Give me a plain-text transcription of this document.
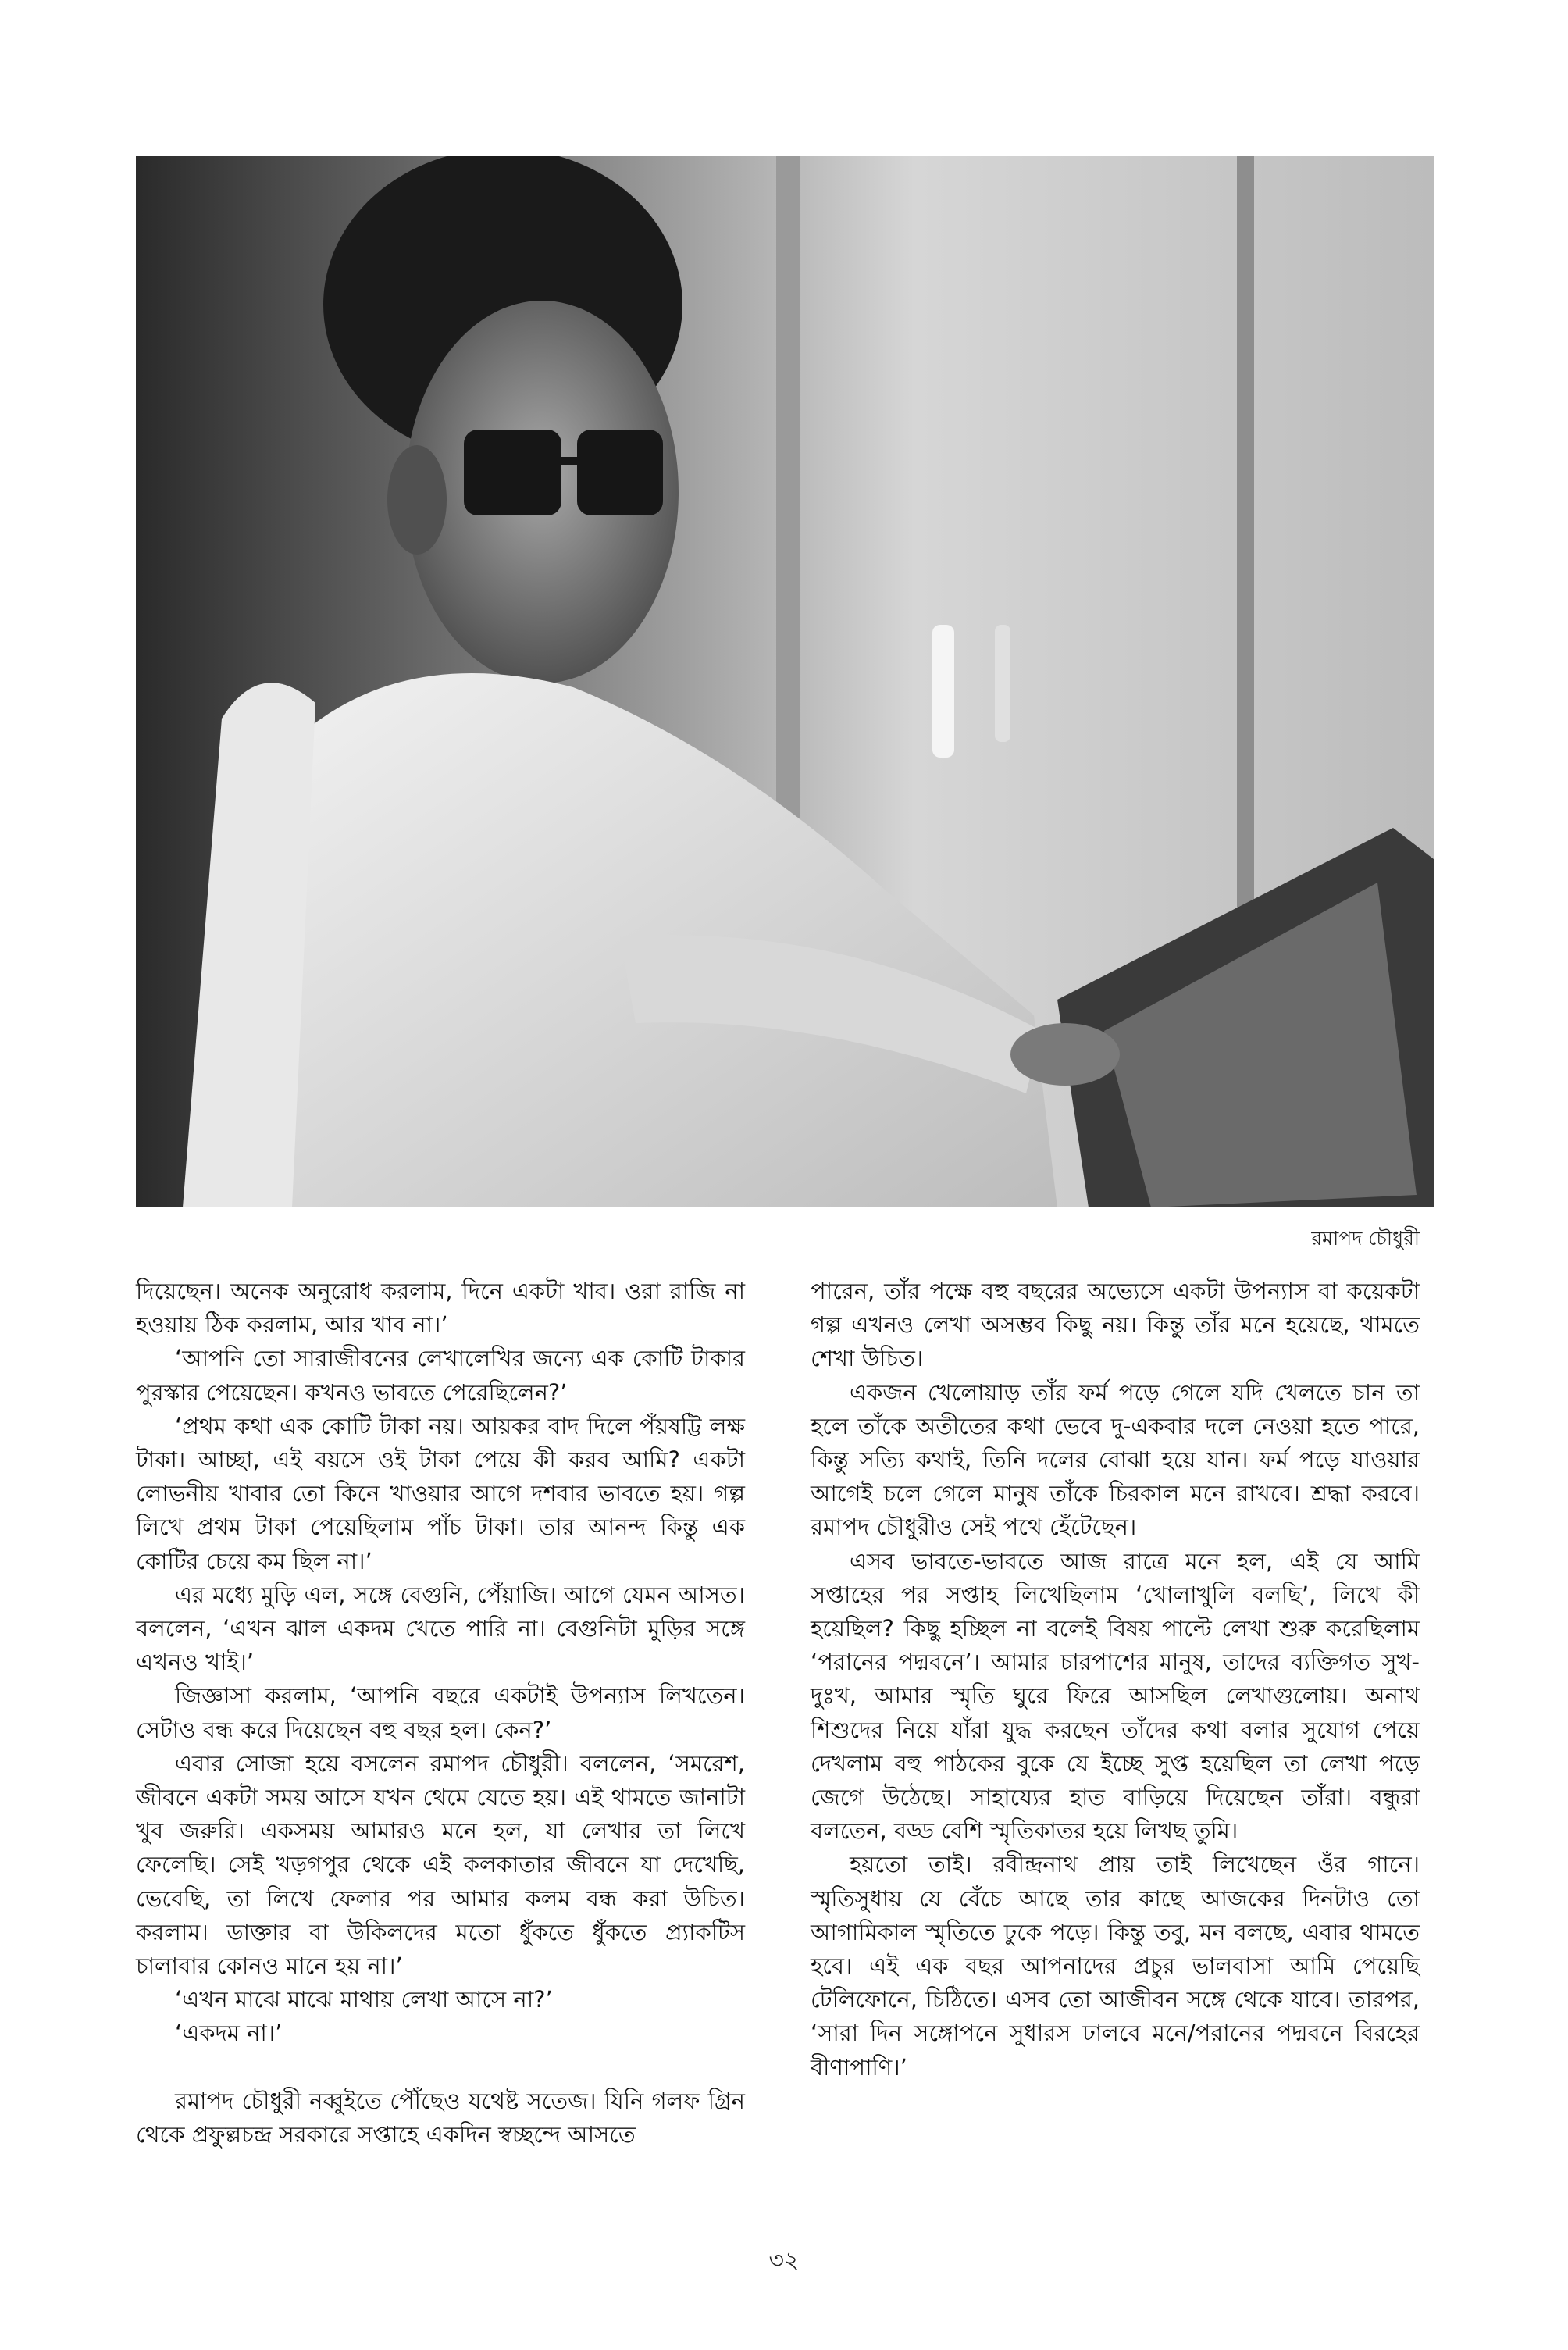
রমাপদ চৌধুরী

দিয়েছেন। অনেক অনুরোধ করলাম, দিনে একটা খাব। ওরা রাজি না হওয়ায় ঠিক করলাম, আর খাব না।’

‘আপনি তো সারাজীবনের লেখালেখির জন্যে এক কোটি টাকার পুরস্কার পেয়েছেন। কখনও ভাবতে পেরেছিলেন?’

‘প্রথম কথা এক কোটি টাকা নয়। আয়কর বাদ দিলে পঁয়ষট্টি লক্ষ টাকা। আচ্ছা, এই বয়সে ওই টাকা পেয়ে কী করব আমি? একটা লোভনীয় খাবার তো কিনে খাওয়ার আগে দশবার ভাবতে হয়। গল্প লিখে প্রথম টাকা পেয়েছিলাম পাঁচ টাকা। তার আনন্দ কিন্তু এক কোটির চেয়ে কম ছিল না।’

এর মধ্যে মুড়ি এল, সঙ্গে বেগুনি, পেঁয়াজি। আগে যেমন আসত। বললেন, ‘এখন ঝাল একদম খেতে পারি না। বেগুনিটা মুড়ির সঙ্গে এখনও খাই।’

জিজ্ঞাসা করলাম, ‘আপনি বছরে একটাই উপন্যাস লিখতেন। সেটাও বন্ধ করে দিয়েছেন বহু বছর হল। কেন?’

এবার সোজা হয়ে বসলেন রমাপদ চৌধুরী। বললেন, ‘সমরেশ, জীবনে একটা সময় আসে যখন থেমে যেতে হয়। এই থামতে জানাটা খুব জরুরি। একসময় আমারও মনে হল, যা লেখার তা লিখে ফেলেছি। সেই খড়গপুর থেকে এই কলকাতার জীবনে যা দেখেছি, ভেবেছি, তা লিখে ফেলার পর আমার কলম বন্ধ করা উচিত। করলাম। ডাক্তার বা উকিলদের মতো ধুঁকতে ধুঁকতে প্র্যাকটিস চালাবার কোনও মানে হয় না।’

‘এখন মাঝে মাঝে মাথায় লেখা আসে না?’

‘একদম না।’

রমাপদ চৌধুরী নব্বুইতে পৌঁছেও যথেষ্ট সতেজ। যিনি গলফ গ্রিন থেকে প্রফুল্লচন্দ্র সরকারে সপ্তাহে একদিন স্বচ্ছন্দে আসতে

পারেন, তাঁর পক্ষে বহু বছরের অভ্যেসে একটা উপন্যাস বা কয়েকটা গল্প এখনও লেখা অসম্ভব কিছু নয়। কিন্তু তাঁর মনে হয়েছে, থামতে শেখা উচিত।

একজন খেলোয়াড় তাঁর ফর্ম পড়ে গেলে যদি খেলতে চান তা হলে তাঁকে অতীতের কথা ভেবে দু-একবার দলে নেওয়া হতে পারে, কিন্তু সত্যি কথাই, তিনি দলের বোঝা হয়ে যান। ফর্ম পড়ে যাওয়ার আগেই চলে গেলে মানুষ তাঁকে চিরকাল মনে রাখবে। শ্রদ্ধা করবে। রমাপদ চৌধুরীও সেই পথে হেঁটেছেন।

এসব ভাবতে-ভাবতে আজ রাত্রে মনে হল, এই যে আমি সপ্তাহের পর সপ্তাহ লিখেছিলাম ‘খোলাখুলি বলছি’, লিখে কী হয়েছিল? কিছু হচ্ছিল না বলেই বিষয় পাল্টে লেখা শুরু করেছিলাম ‘পরানের পদ্মবনে’। আমার চারপাশের মানুষ, তাদের ব্যক্তিগত সুখ-দুঃখ, আমার স্মৃতি ঘুরে ফিরে আসছিল লেখাগুলোয়। অনাথ শিশুদের নিয়ে যাঁরা যুদ্ধ করছেন তাঁদের কথা বলার সুযোগ পেয়ে দেখলাম বহু পাঠকের বুকে যে ইচ্ছে সুপ্ত হয়েছিল তা লেখা পড়ে জেগে উঠেছে। সাহায্যের হাত বাড়িয়ে দিয়েছেন তাঁরা। বন্ধুরা বলতেন, বড্ড বেশি স্মৃতিকাতর হয়ে লিখছ তুমি।

হয়তো তাই। রবীন্দ্রনাথ প্রায় তাই লিখেছেন ওঁর গানে। স্মৃতিসুধায় যে বেঁচে আছে তার কাছে আজকের দিনটাও তো আগামিকাল স্মৃতিতে ঢুকে পড়ে। কিন্তু তবু, মন বলছে, এবার থামতে হবে। এই এক বছর আপনাদের প্রচুর ভালবাসা আমি পেয়েছি টেলিফোনে, চিঠিতে। এসব তো আজীবন সঙ্গে থেকে যাবে। তারপর, ‘সারা দিন সঙ্গোপনে সুধারস ঢালবে মনে/পরানের পদ্মবনে বিরহের বীণাপাণি।’

৩২
